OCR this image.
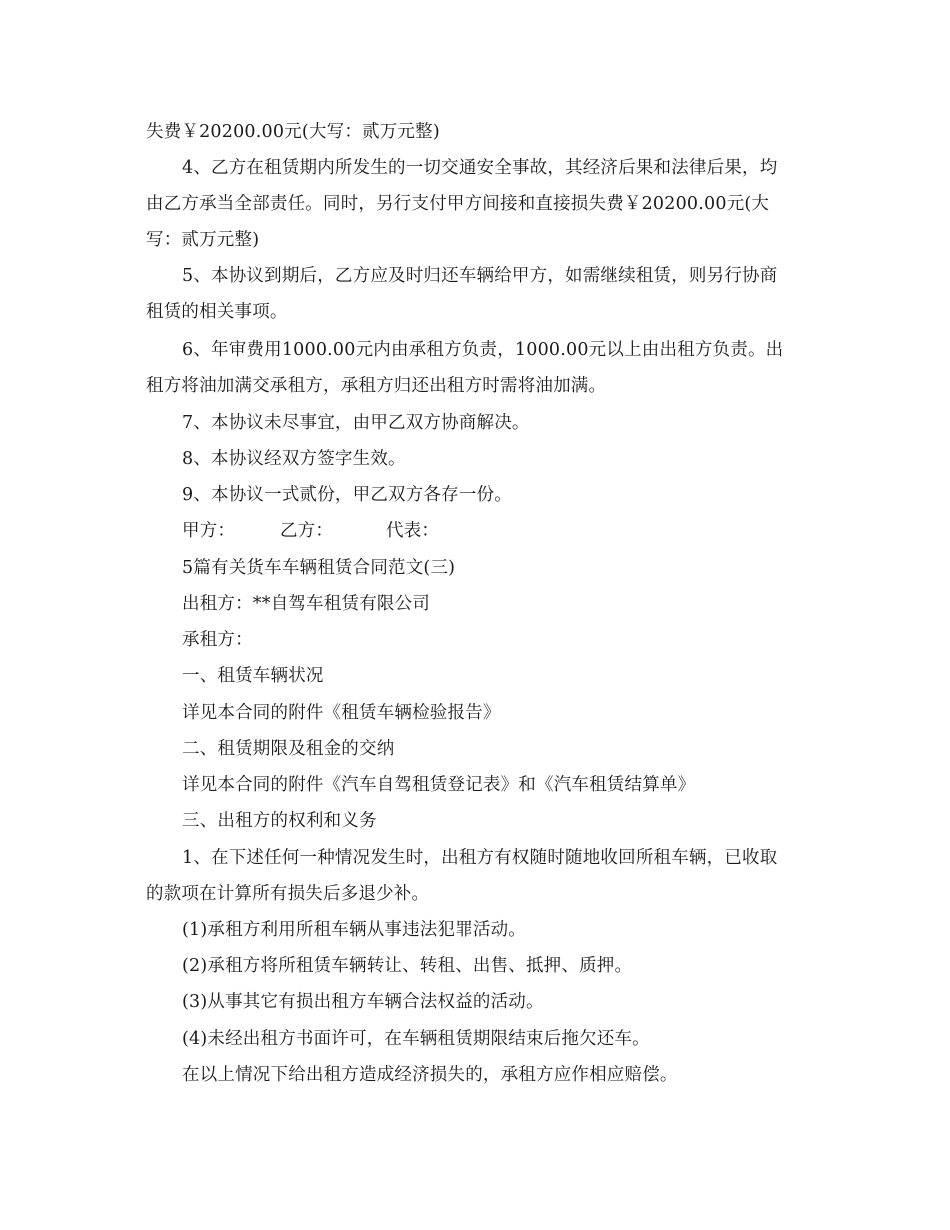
失费￥20200.00元(大写：贰万元整)
4、乙方在租赁期内所发生的一切交通安全事故，其经济后果和法律后果，均
由乙方承当全部责任。同时，另行支付甲方间接和直接损失费￥20200.00元(大
写：贰万元整)
5、本协议到期后，乙方应及时归还车辆给甲方，如需继续租赁，则另行协商
租赁的相关事项。
6、年审费用1000.00元内由承租方负责，1000.00元以上由出租方负责。出
租方将油加满交承租方，承租方归还出租方时需将油加满。
7、本协议未尽事宜，由甲乙双方协商解决。
8、本协议经双方签字生效。
9、本协议一式贰份，甲乙双方各存一份。
甲方：	乙方：	代表：
5篇有关货车车辆租赁合同范文(三)
出租方：**自驾车租赁有限公司
承租方：
一、租赁车辆状况
详见本合同的附件《租赁车辆检验报告》
二、租赁期限及租金的交纳
详见本合同的附件《汽车自驾租赁登记表》和《汽车租赁结算单》
三、出租方的权利和义务
1、在下述任何一种情况发生时，出租方有权随时随地收回所租车辆，已收取
的款项在计算所有损失后多退少补。
(1)承租方利用所租车辆从事违法犯罪活动。
(2)承租方将所租赁车辆转让、转租、出售、抵押、质押。
(3)从事其它有损出租方车辆合法权益的活动。
(4)未经出租方书面许可，在车辆租赁期限结束后拖欠还车。
在以上情况下给出租方造成经济损失的，承租方应作相应赔偿。
